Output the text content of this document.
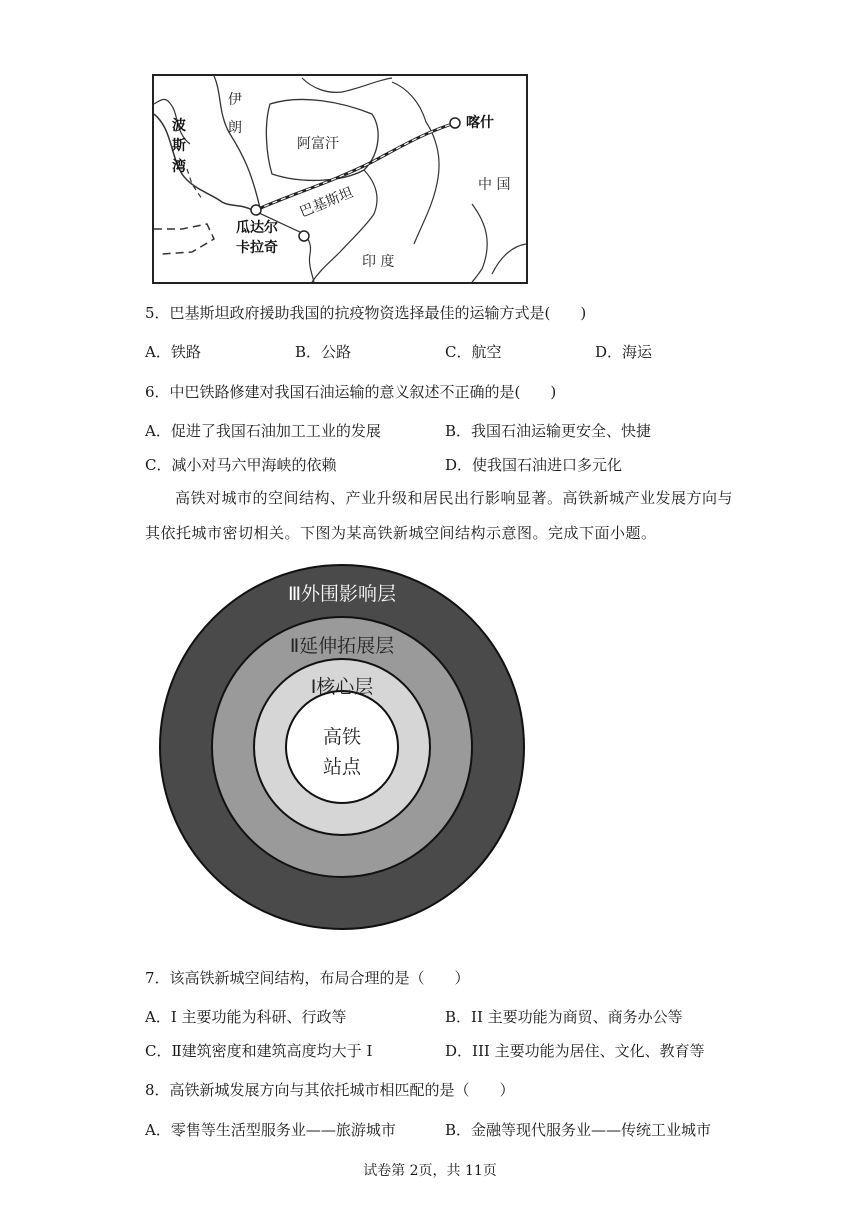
伊
朗
波
斯
湾
阿富汗
巴基斯坦
喀什
中 国
瓜达尔
卡拉奇
印 度
5．巴基斯坦政府援助我国的抗疫物资选择最佳的运输方式是(　　)
A．铁路	B．公路	C．航空	D．海运
6．中巴铁路修建对我国石油运输的意义叙述不正确的是(　　)
A．促进了我国石油加工工业的发展	B．我国石油运输更安全、快捷
C．减小对马六甲海峡的依赖	D．使我国石油进口多元化
高铁对城市的空间结构、产业升级和居民出行影响显著。高铁新城产业发展方向与
其依托城市密切相关。下图为某高铁新城空间结构示意图。完成下面小题。
Ⅲ外围影响层
Ⅱ延伸拓展层
Ⅰ核心层
高铁
站点
7．该高铁新城空间结构，布局合理的是（　　）
A．I 主要功能为科研、行政等	B．II 主要功能为商贸、商务办公等
C．Ⅱ建筑密度和建筑高度均大于 I	D．III 主要功能为居住、文化、教育等
8．高铁新城发展方向与其依托城市相匹配的是（　　）
A．零售等生活型服务业——旅游城市	B．金融等现代服务业——传统工业城市
试卷第 2页，共 11页
